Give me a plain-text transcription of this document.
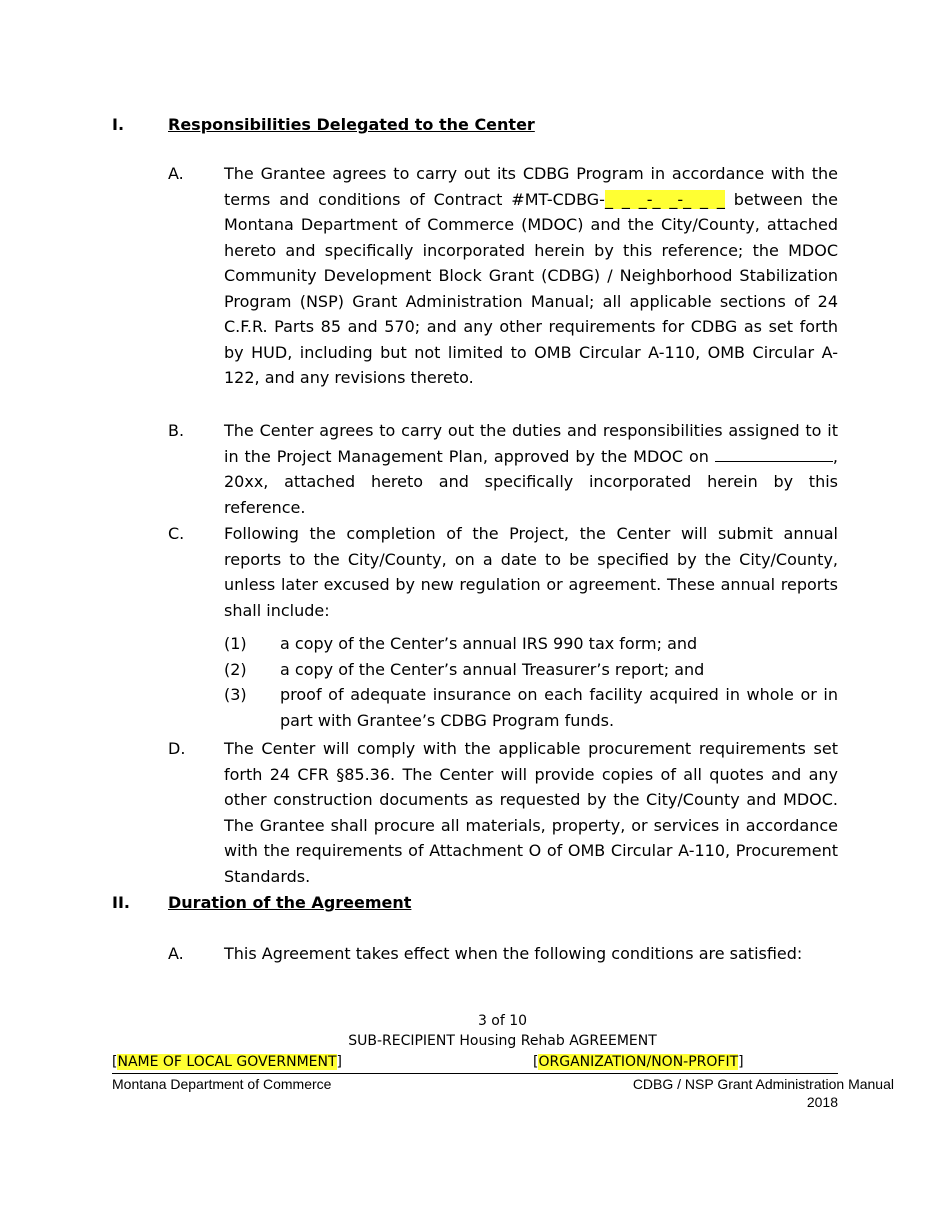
I.	Responsibilities Delegated to the Center
A.	The Grantee agrees to carry out its CDBG Program in accordance with the terms and conditions of Contract #MT-CDBG-_ _ _-_ _-_ _ _ between the Montana Department of Commerce (MDOC) and the City/County, attached hereto and specifically incorporated herein by this reference; the MDOC Community Development Block Grant (CDBG) / Neighborhood Stabilization Program (NSP) Grant Administration Manual; all applicable sections of 24 C.F.R. Parts 85 and 570; and any other requirements for CDBG as set forth by HUD, including but not limited to OMB Circular A-110, OMB Circular A-122, and any revisions thereto.
B. The Center agrees to carry out the duties and responsibilities assigned to it in the Project Management Plan, approved by the MDOC on	, 20xx, attached hereto and specifically incorporated herein by this reference.
C. Following the completion of the Project, the Center will submit annual reports to the City/County, on a date to be specified by the City/County, unless later excused by new regulation or agreement. These annual reports shall include:
(1) a copy of the Center’s annual IRS 990 tax form; and
(2) a copy of the Center’s annual Treasurer’s report; and
(3) proof of adequate insurance on each facility acquired in whole or in part with Grantee’s CDBG Program funds.
D. The Center will comply with the applicable procurement requirements set forth 24 CFR §85.36. The Center will provide copies of all quotes and any other construction documents as requested by the City/County and MDOC. The Grantee shall procure all materials, property, or services in accordance with the requirements of Attachment O of OMB Circular A-110, Procurement Standards.
II. Duration of the Agreement
A.	This Agreement takes effect when the following conditions are satisfied:
3 of 10
SUB-RECIPIENT Housing Rehab AGREEMENT
[NAME OF LOCAL GOVERNMENT]	[ORGANIZATION/NON-PROFIT]
Montana Department of Commerce	CDBG / NSP Grant Administration Manual
2018
